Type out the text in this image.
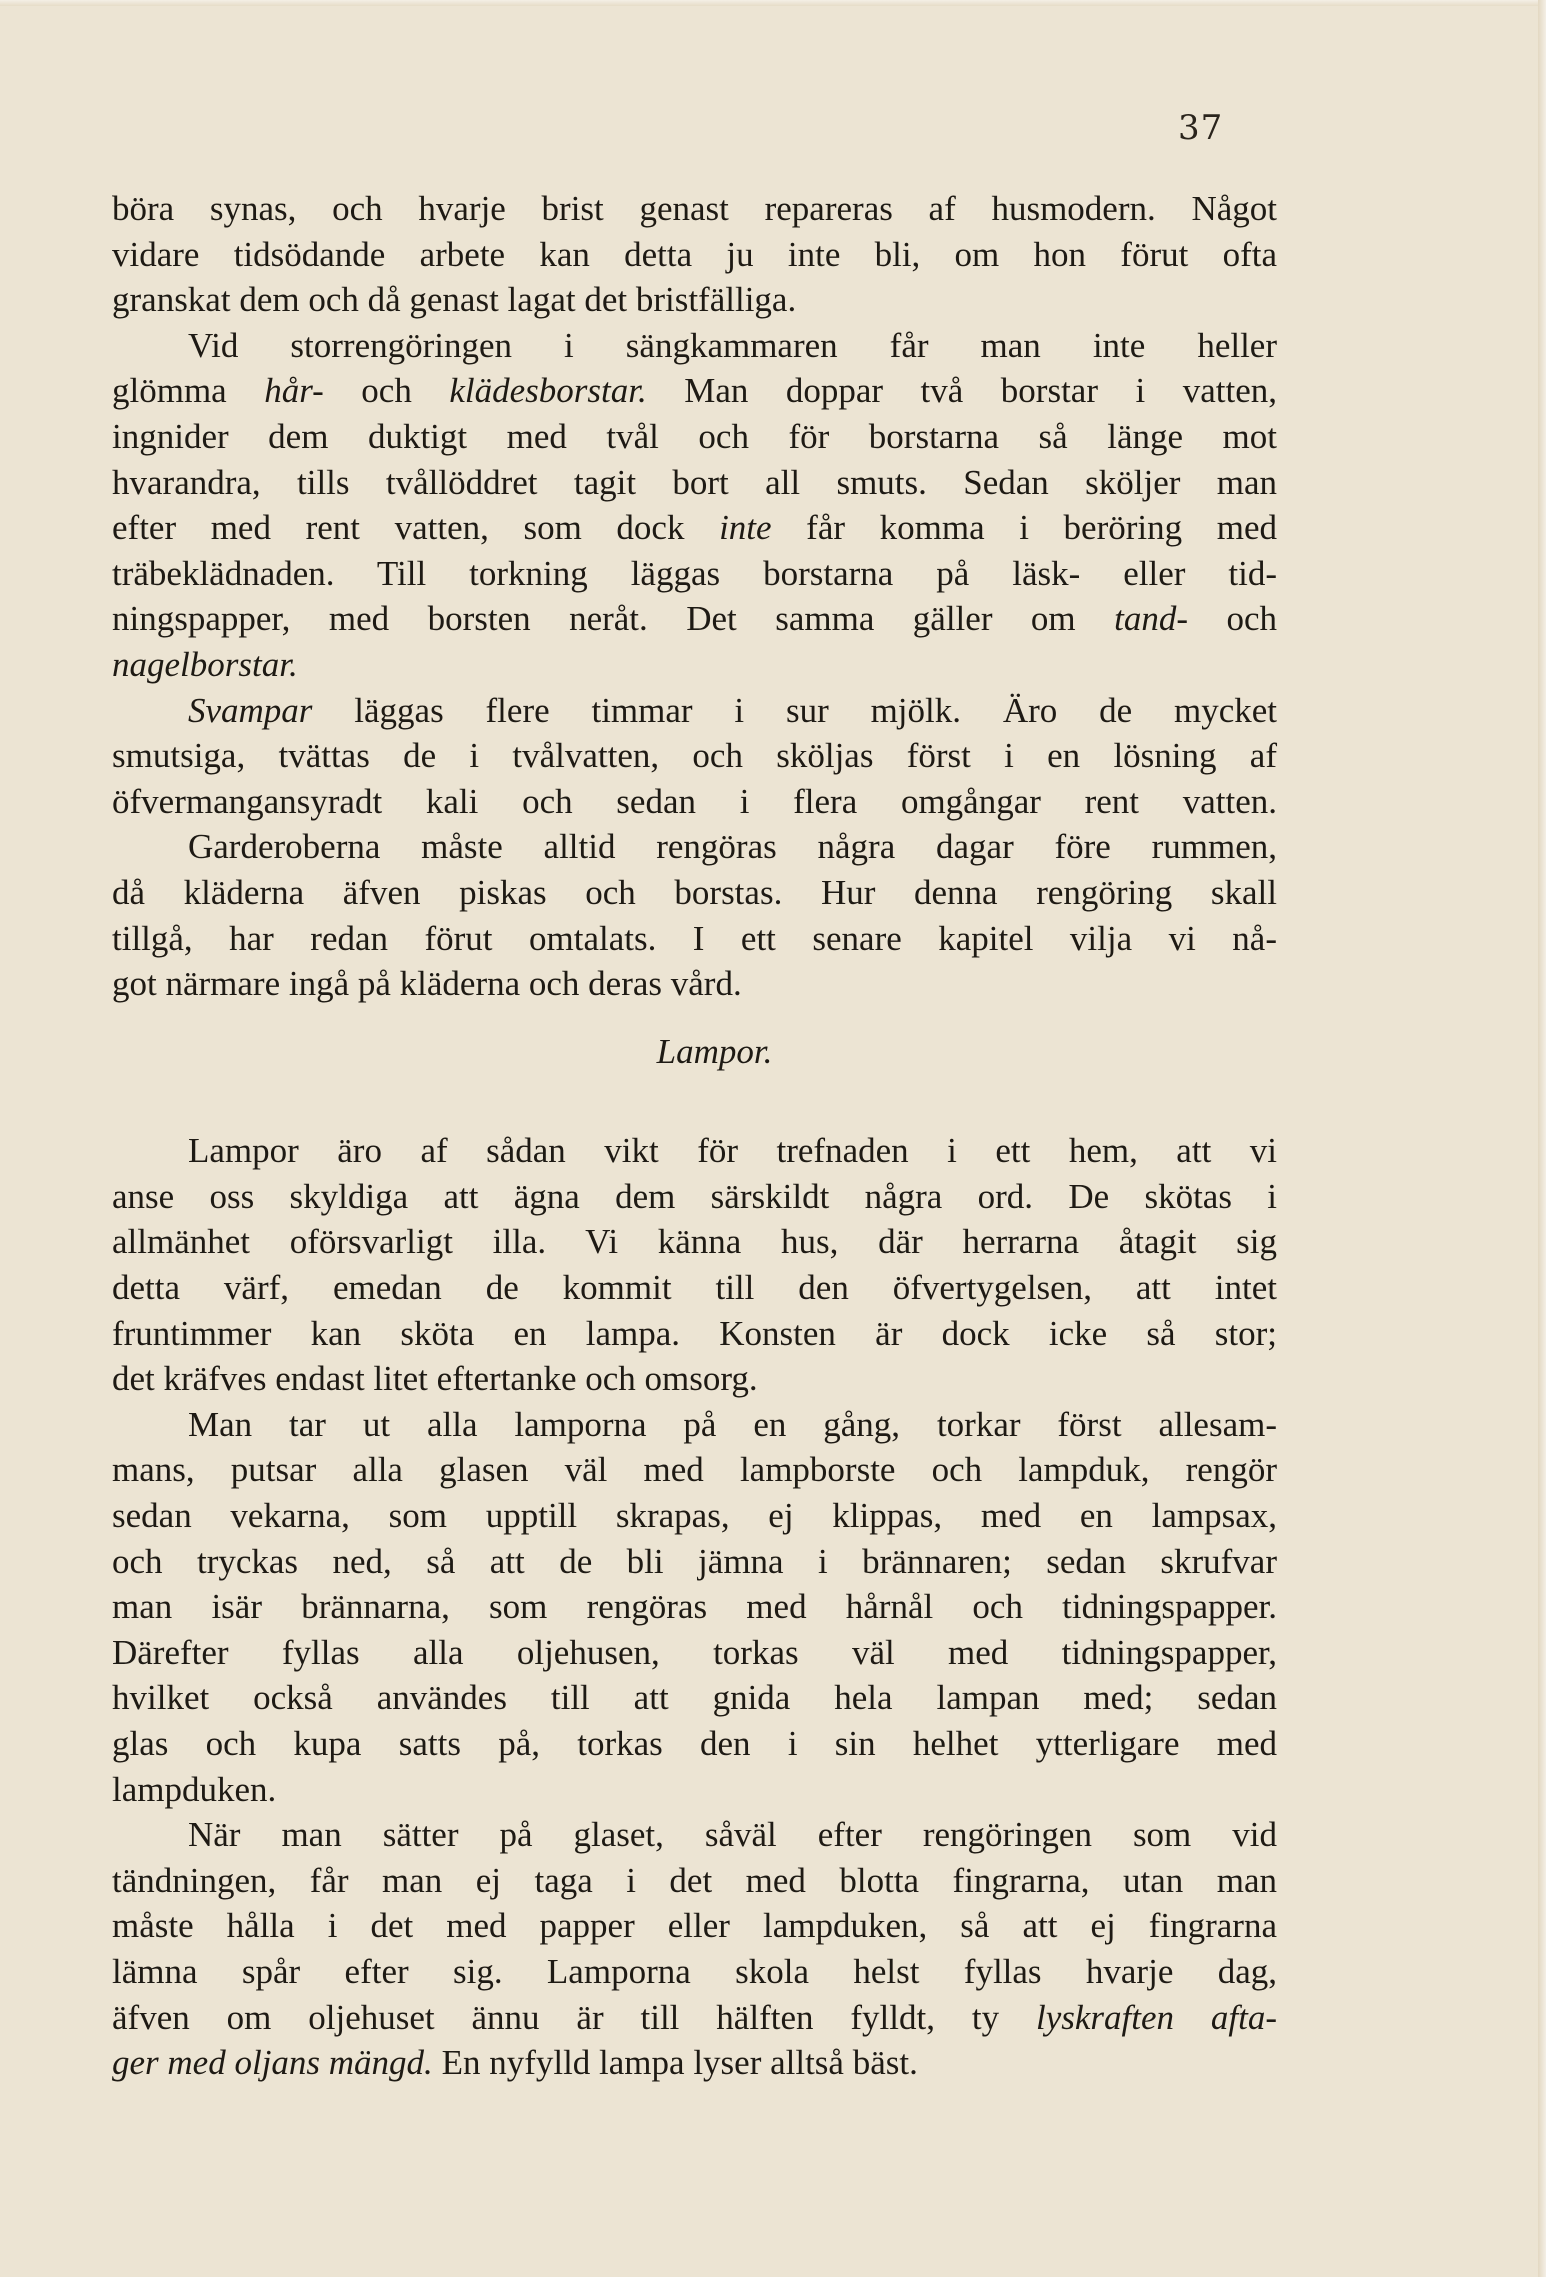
37
böra synas, och hvarje brist genast repareras af husmodern. Något
vidare tidsödande arbete kan detta ju inte bli, om hon förut ofta
granskat dem och då genast lagat det bristfälliga.
Vid storrengöringen i sängkammaren får man inte heller
glömma hår- och klädesborstar. Man doppar två borstar i vatten,
ingnider dem duktigt med tvål och för borstarna så länge mot
hvarandra, tills tvållöddret tagit bort all smuts. Sedan sköljer man
efter med rent vatten, som dock inte får komma i beröring med
träbeklädnaden. Till torkning läggas borstarna på läsk- eller tid-
ningspapper, med borsten neråt. Det samma gäller om tand- och
nagelborstar.
Svampar läggas flere timmar i sur mjölk. Äro de mycket
smutsiga, tvättas de i tvålvatten, och sköljas först i en lösning af
öfvermangansyradt kali och sedan i flera omgångar rent vatten.
Garderoberna måste alltid rengöras några dagar före rummen,
då kläderna äfven piskas och borstas. Hur denna rengöring skall
tillgå, har redan förut omtalats. I ett senare kapitel vilja vi nå-
got närmare ingå på kläderna och deras vård.
Lampor.
Lampor äro af sådan vikt för trefnaden i ett hem, att vi
anse oss skyldiga att ägna dem särskildt några ord. De skötas i
allmänhet oförsvarligt illa. Vi känna hus, där herrarna åtagit sig
detta värf, emedan de kommit till den öfvertygelsen, att intet
fruntimmer kan sköta en lampa. Konsten är dock icke så stor;
det kräfves endast litet eftertanke och omsorg.
Man tar ut alla lamporna på en gång, torkar först allesam-
mans, putsar alla glasen väl med lampborste och lampduk, rengör
sedan vekarna, som upptill skrapas, ej klippas, med en lampsax,
och tryckas ned, så att de bli jämna i brännaren; sedan skrufvar
man isär brännarna, som rengöras med hårnål och tidningspapper.
Därefter fyllas alla oljehusen, torkas väl med tidningspapper,
hvilket också användes till att gnida hela lampan med; sedan
glas och kupa satts på, torkas den i sin helhet ytterligare med
lampduken.
När man sätter på glaset, såväl efter rengöringen som vid
tändningen, får man ej taga i det med blotta fingrarna, utan man
måste hålla i det med papper eller lampduken, så att ej fingrarna
lämna spår efter sig. Lamporna skola helst fyllas hvarje dag,
äfven om oljehuset ännu är till hälften fylldt, ty lyskraften afta-
ger med oljans mängd. En nyfylld lampa lyser alltså bäst.
